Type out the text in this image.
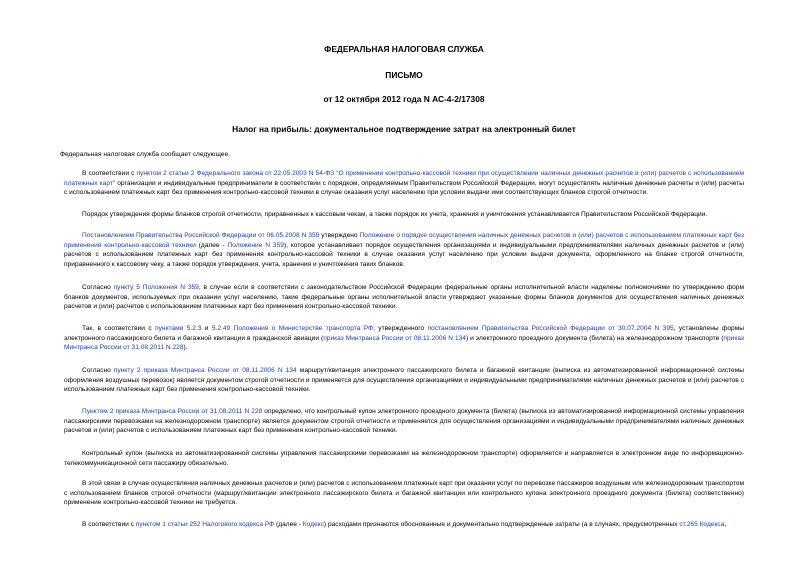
ФЕДЕРАЛЬНАЯ НАЛОГОВАЯ СЛУЖБА
ПИСЬМО
от 12 октября 2012 года N АС-4-2/17308
Налог на прибыль: документальное подтверждение затрат на электронный билет

Федеральная налоговая служба сообщает следующее.

В соответствии с пунктом 2 статьи 2 Федерального закона от 22.05.2003 N 54-ФЗ "О применении контрольно-кассовой техники при осуществлении наличных денежных расчетов и (или) расчетов с использованием платежных карт" организации и индивидуальные предприниматели в соответствии с порядком, определяемым Правительством Российской Федерации, могут осуществлять наличные денежные расчеты и (или) расчеты с использованием платежных карт без применения контрольно-кассовой техники в случае оказания услуг населению при условии выдачи ими соответствующих бланков строгой отчетности.

Порядок утверждения формы бланков строгой отчетности, приравненных к кассовым чекам, а также порядок их учета, хранения и уничтожения устанавливается Правительством Российской Федерации.

Постановлением Правительства Российской Федерации от 06.05.2008 N 359 утверждено Положение о порядке осуществления наличных денежных расчетов и (или) расчетов с использованием платежных карт без применения контрольно-кассовой техники (далее - Положение N 359), которое устанавливает порядок осуществления организациями и индивидуальными предпринимателями наличных денежных расчетов и (или) расчетов с использованием платежных карт без применения контрольно-кассовой техники в случае оказания услуг населению при условии выдачи документа, оформленного на бланке строгой отчетности, приравненного к кассовому чеку, а также порядок утверждения, учета, хранения и уничтожения таких бланков.

Согласно пункту 5 Положения N 359, в случае если в соответствии с законодательством Российской Федерации федеральные органы исполнительной власти наделены полномочиями по утверждению форм бланков документов, используемых при оказании услуг населению, такие федеральные органы исполнительной власти утверждают указанные формы бланков документов для осуществления наличных денежных расчетов и (или) расчетов с использованием платежных карт без применения контрольно-кассовой техники.

Так, в соответствии с пунктами 5.2.3 и 5.2.49 Положения о Министерстве транспорта РФ, утвержденного постановлением Правительства Российской Федерации от 30.07.2004 N 395, установлены формы электронного пассажирского билета и багажной квитанции в гражданской авиации (приказ Минтранса России от 08.11.2006 N 134) и электронного проездного документа (билета) на железнодорожном транспорте (приказ Минтранса России от 31.08.2011 N 228).

Согласно пункту 2 приказа Минтранса России от 08.11.2006 N 134 маршрут/квитанция электронного пассажирского билета и багажной квитанции (выписка из автоматизированной информационной системы оформления воздушных перевозок) является документом строгой отчетности и применяется для осуществления организациями и индивидуальными предпринимателями наличных денежных расчетов и (или) расчетов с использованием платежных карт без применения контрольно-кассовой техники.

Пунктом 2 приказа Минтранса России от 31.08.2011 N 228 определено, что контрольный купон электронного проездного документа (билета) (выписка из автоматизированной информационной системы управления пассажирскими перевозками на железнодорожном транспорте) является документом строгой отчетности и применяется для осуществления организациями и индивидуальными предпринимателями наличных денежных расчетов и (или) расчетов с использованием платежных карт без применения контрольно-кассовой техники.

Контрольный купон (выписка из автоматизированной системы управления пассажирскими перевозками на железнодорожном транспорте) оформляется и направляется в электронном виде по информационно-телекоммуникационной сети пассажиру обязательно.

В этой связи в случае осуществления наличных денежных расчетов и (или) расчетов с использованием платежных карт при оказании услуг по перевозке пассажиров воздушным или железнодорожным транспортом с использованием бланков строгой отчетности (маршрут/квитанции электронного пассажирского билета и багажной квитанции или контрольного купона электронного проездного документа (билета) соответственно) применение контрольно-кассовой техники не требуется.

В соответствии с пунктом 1 статьи 252 Налогового кодекса РФ (далее - Кодекс) расходами признаются обоснованные и документально подтвержденные затраты (а в случаях, предусмотренных ст.265 Кодекса,
